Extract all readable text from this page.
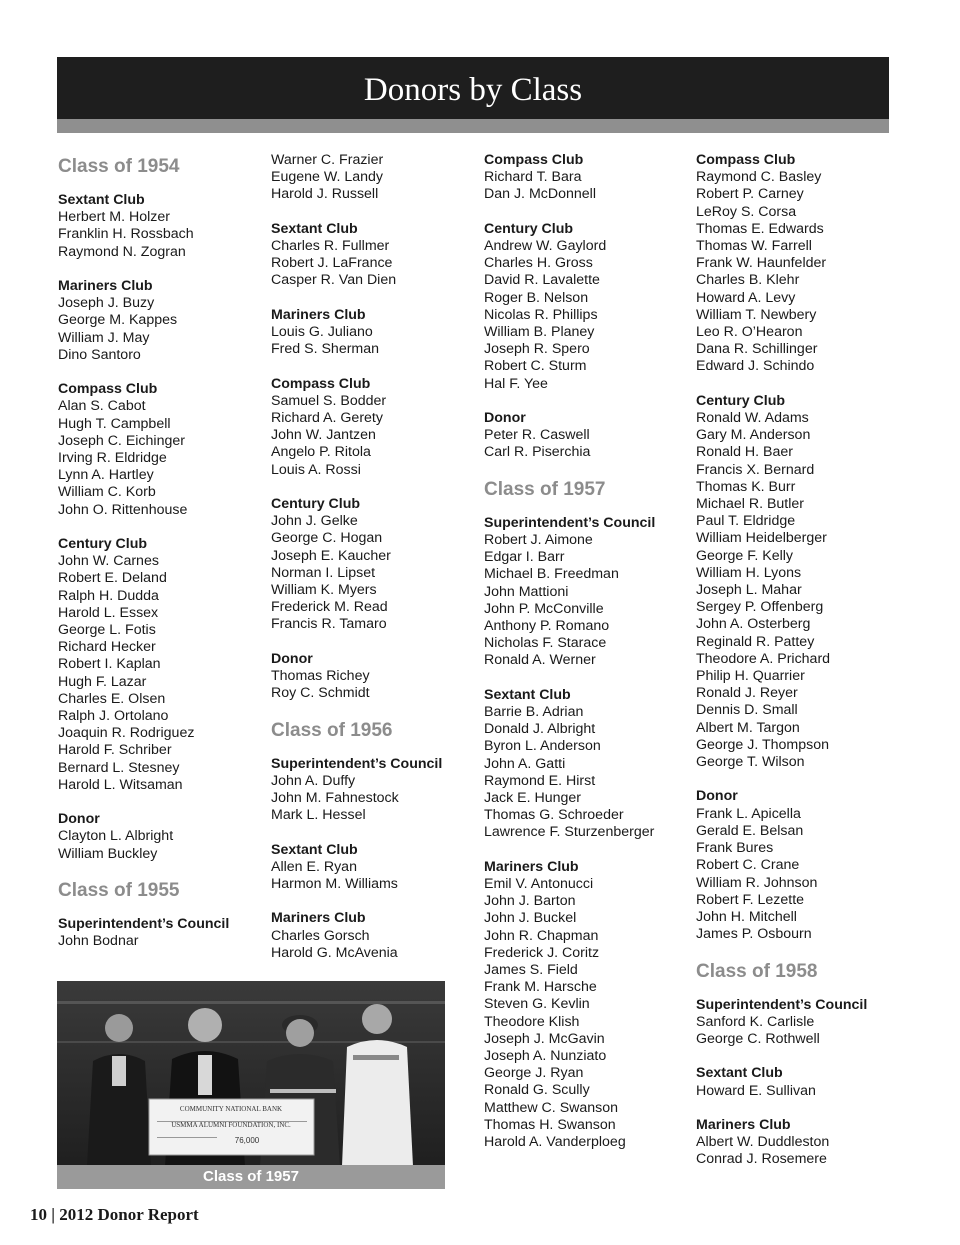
Donors by Class
Class of 1954
Sextant Club
Herbert M. Holzer
Franklin H. Rossbach
Raymond N. Zogran
Mariners Club
Joseph J. Buzy
George M. Kappes
William J. May
Dino Santoro
Compass Club
Alan S. Cabot
Hugh T. Campbell
Joseph C. Eichinger
Irving R. Eldridge
Lynn A. Hartley
William C. Korb
John O. Rittenhouse
Century Club
John W. Carnes
Robert E. Deland
Ralph H. Dudda
Harold L. Essex
George L. Fotis
Richard Hecker
Robert I. Kaplan
Hugh F. Lazar
Charles E. Olsen
Ralph J. Ortolano
Joaquin R. Rodriguez
Harold F. Schriber
Bernard L. Stesney
Harold L. Witsaman
Donor
Clayton L. Albright
William Buckley
Class of 1955
Superintendent’s Council
John Bodnar
Warner C. Frazier
Eugene W. Landy
Harold J. Russell
Sextant Club
Charles R. Fullmer
Robert J. LaFrance
Casper R. Van Dien
Mariners Club
Louis G. Juliano
Fred S. Sherman
Compass Club
Samuel S. Bodder
Richard A. Gerety
John W. Jantzen
Angelo P. Ritola
Louis A. Rossi
Century Club
John J. Gelke
George C. Hogan
Joseph E. Kaucher
Norman I. Lipset
William K. Myers
Frederick M. Read
Francis R. Tamaro
Donor
Thomas Richey
Roy C. Schmidt
Class of 1956
Superintendent’s Council
John A. Duffy
John M. Fahnestock
Mark L. Hessel
Sextant Club
Allen E. Ryan
Harmon M. Williams
Mariners Club
Charles Gorsch
Harold G. McAvenia
Compass Club
Richard T. Bara
Dan J. McDonnell
Century Club
Andrew W. Gaylord
Charles H. Gross
David R. Lavalette
Roger B. Nelson
Nicolas R. Phillips
William B. Planey
Joseph R. Spero
Robert C. Sturm
Hal F. Yee
Donor
Peter R. Caswell
Carl R. Piserchia
Class of 1957
Superintendent’s Council
Robert J. Aimone
Edgar I. Barr
Michael B. Freedman
John Mattioni
John P. McConville
Anthony P. Romano
Nicholas F. Starace
Ronald A. Werner
Sextant Club
Barrie B. Adrian
Donald J. Albright
Byron L. Anderson
John A. Gatti
Raymond E. Hirst
Jack E. Hunger
Thomas G. Schroeder
Lawrence F. Sturzenberger
Mariners Club
Emil V. Antonucci
John J. Barton
John J. Buckel
John R. Chapman
Frederick J. Coritz
James S. Field
Frank M. Harsche
Steven G. Kevlin
Theodore Klish
Joseph J. McGavin
Joseph A. Nunziato
George J. Ryan
Ronald G. Scully
Matthew C. Swanson
Thomas H. Swanson
Harold A. Vanderploeg
Compass Club
Raymond C. Basley
Robert P. Carney
LeRoy S. Corsa
Thomas E. Edwards
Thomas W. Farrell
Frank W. Haunfelder
Charles B. Klehr
Howard A. Levy
William T. Newbery
Leo R. O’Hearon
Dana R. Schillinger
Edward J. Schindo
Century Club
Ronald W. Adams
Gary M. Anderson
Ronald H. Baer
Francis X. Bernard
Thomas K. Burr
Michael R. Butler
Paul T. Eldridge
William Heidelberger
George F. Kelly
William H. Lyons
Joseph L. Mahar
Sergey P. Offenberg
John A. Osterberg
Reginald R. Pattey
Theodore A. Prichard
Philip H. Quarrier
Ronald J. Reyer
Dennis D. Small
Albert M. Targon
George J. Thompson
George T. Wilson
Donor
Frank L. Apicella
Gerald E. Belsan
Frank Bures
Robert C. Crane
William R. Johnson
Robert F. Lezette
John H. Mitchell
James P. Osbourn
Class of 1958
Superintendent’s Council
Sanford K. Carlisle
George C. Rothwell
Sextant Club
Howard E. Sullivan
Mariners Club
Albert W. Duddleston
Conrad J. Rosemere
COMMUNITY NATIONAL BANK
USMMA ALUMNI FOUNDATION, INC.
76,000
Class of 1957
10 | 2012 Donor Report
